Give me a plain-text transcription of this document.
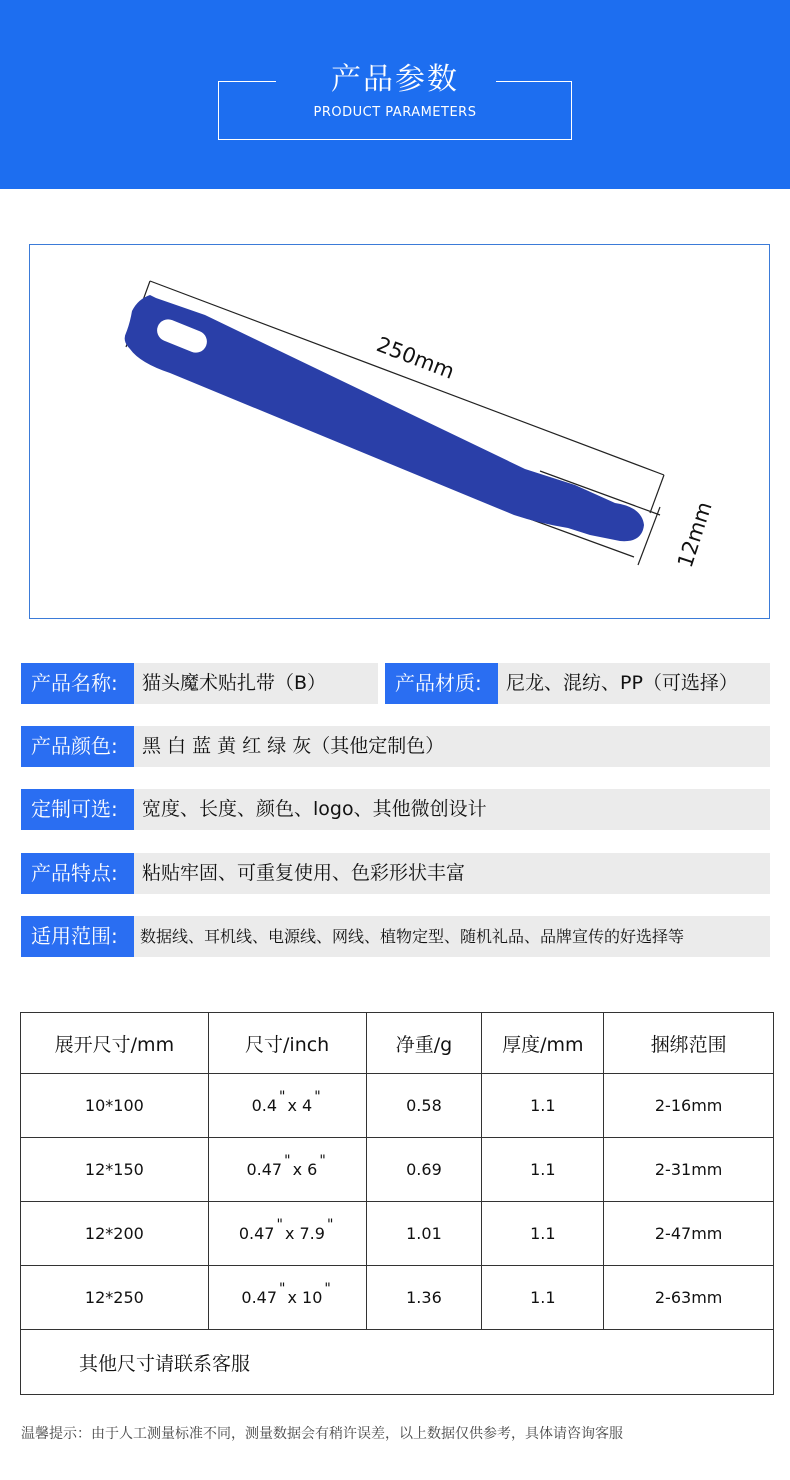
产品参数
PRODUCT PARAMETERS
250mm
12mm
产品名称:	猫头魔术贴扎带（B）	产品材质:	尼龙、混纺、PP（可选择）
产品颜色:	黑 白 蓝 黄 红 绿 灰（其他定制色）
定制可选:	宽度、长度、颜色、logo、其他微创设计
产品特点:	粘贴牢固、可重复使用、色彩形状丰富
适用范围:	数据线、耳机线、电源线、网线、植物定型、随机礼品、品牌宣传的好选择等
展开尺寸/mm	尺寸/inch	净重/g	厚度/mm	捆绑范围
10*100	0.4 " x 4 "	0.58	1.1	2-16mm
12*150	0.47 " x 6 "	0.69	1.1	2-31mm
12*200	0.47 " x 7.9 "	1.01	1.1	2-47mm
12*250	0.47 " x 10 "	1.36	1.1	2-63mm
其他尺寸请联系客服				
温馨提示：由于人工测量标准不同，测量数据会有稍许误差，以上数据仅供参考，具体请咨询客服
